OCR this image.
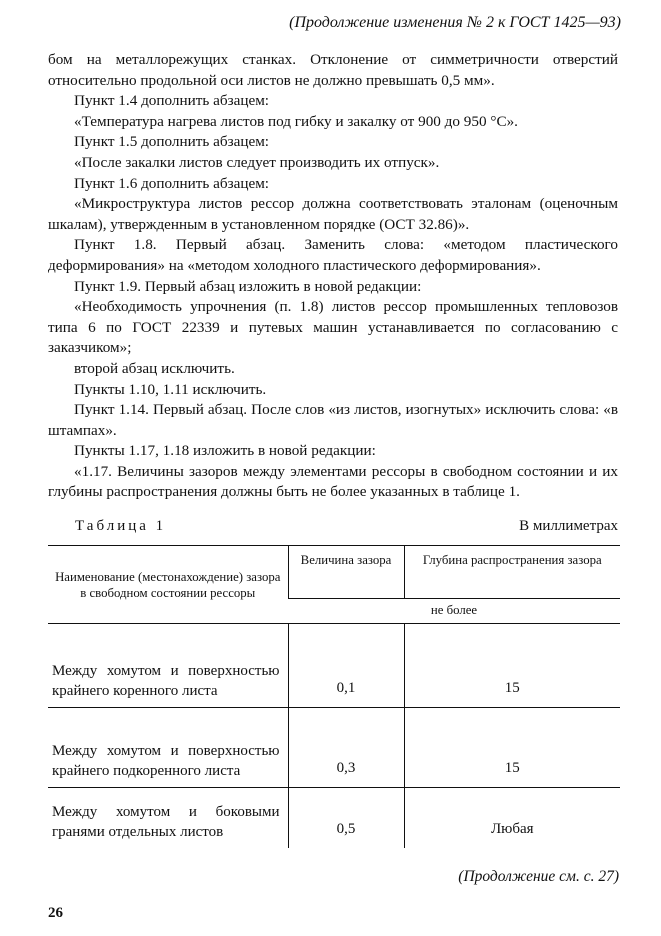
(Продолжение изменения № 2 к ГОСТ 1425—93)

бом на металлорежущих станках. Отклонение от симметричности отверстий относительно продольной оси листов не должно превышать 0,5 мм».

Пункт 1.4 дополнить абзацем:

«Температура нагрева листов под гибку и закалку от 900 до 950 °С».

Пункт 1.5 дополнить абзацем:

«После закалки листов следует производить их отпуск».

Пункт 1.6 дополнить абзацем:

«Микроструктура листов рессор должна соответствовать эталонам (оценочным шкалам), утвержденным в установленном порядке (ОСТ 32.86)».

Пункт 1.8. Первый абзац. Заменить слова: «методом пластического деформирования» на «методом холодного пластического деформирования».

Пункт 1.9. Первый абзац изложить в новой редакции:

«Необходимость упрочнения (п. 1.8) листов рессор промышленных тепловозов типа 6 по ГОСТ 22339 и путевых машин устанавливается по согласованию с заказчиком»;

второй абзац исключить.

Пункты 1.10, 1.11 исключить.

Пункт 1.14. Первый абзац. После слов «из листов, изогнутых» исключить слова: «в штампах».

Пункты 1.17, 1.18 изложить в новой редакции:

«1.17. Величины зазоров между элементами рессоры в свободном состоянии и их глубины распространения должны быть не более указанных в таблице 1.

Таблица 1	В миллиметрах
Наименование (местонахождение) зазора в свободном состоянии рессоры	Величина зазора	Глубина распространения зазора
	не более	
Между хомутом и поверхностью крайнего коренного листа	0,1	15
Между хомутом и поверхностью крайнего подкоренного листа	0,3	15
Между хомутом и боковыми гранями отдельных листов	0,5	Любая
(Продолжение см. с. 27)
26
